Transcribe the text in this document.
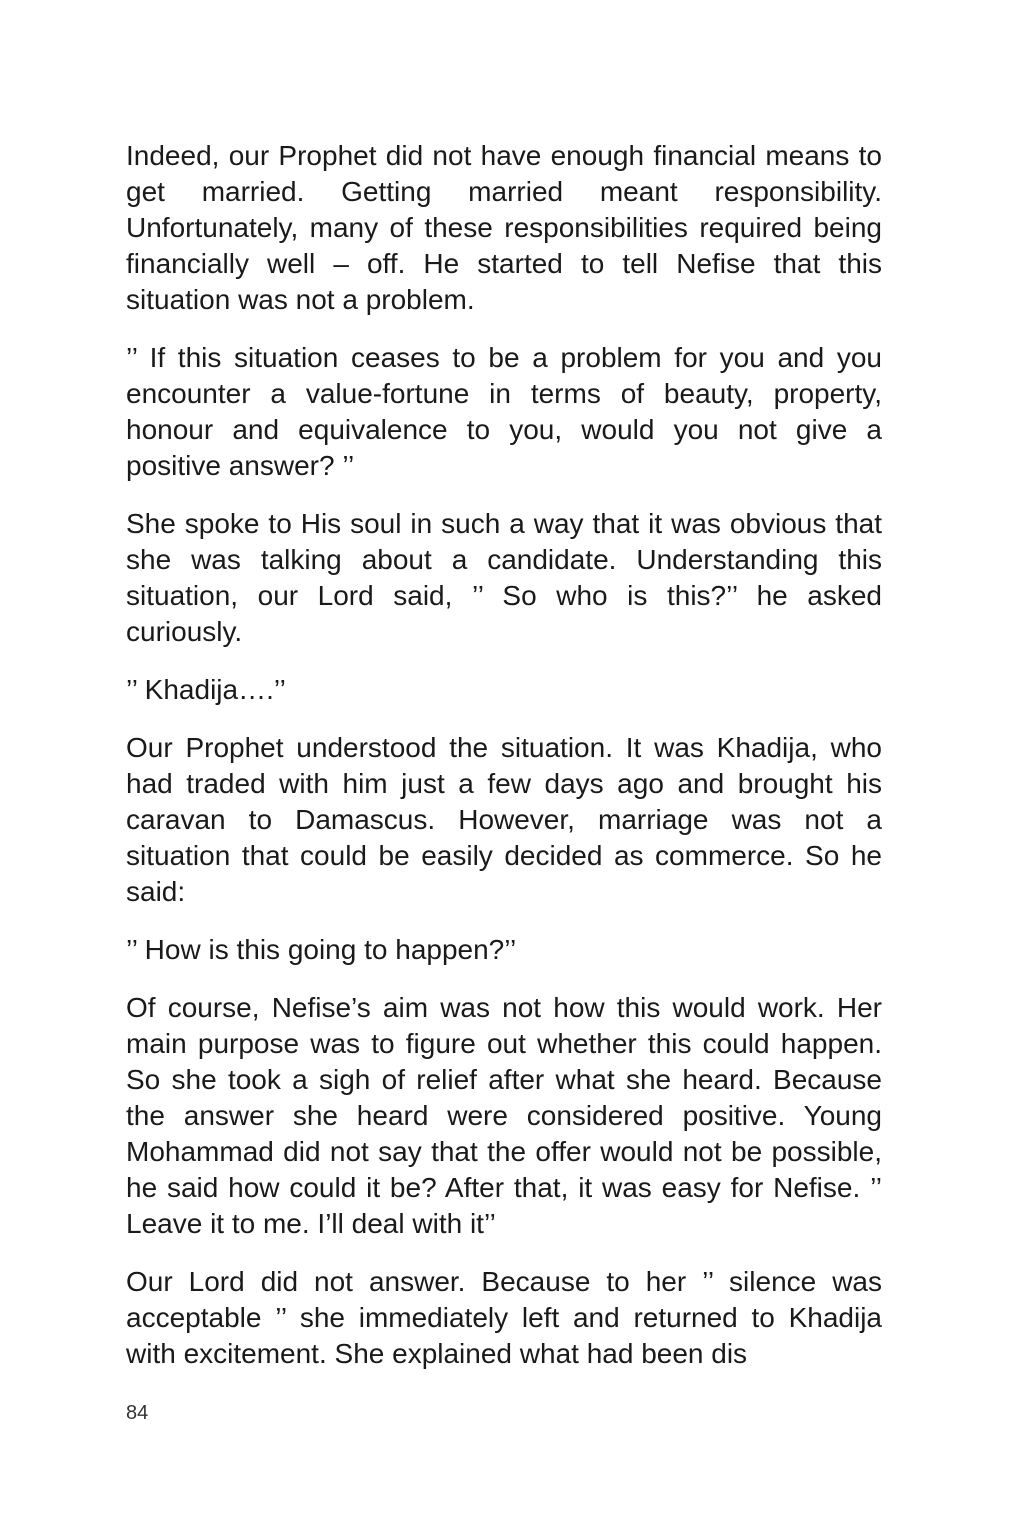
Indeed, our Prophet did not have enough financial means to get married. Getting married meant responsibility. Unfortunately, many of these responsibilities required being financially well – off. He started to tell Nefise that this situation was not a problem.

’’ If this situation ceases to be a problem for you and you encounter a value-fortune in terms of beauty, property, honour and equivalence to you, would you not give a positive answer? ’’

She spoke to His soul in such a way that it was obvious that she was talking about a candidate. Understanding this situation, our Lord said, ’’ So who is this?’’ he asked curiously.

’’ Khadija….’’

Our Prophet understood the situation. It was Khadija, who had traded with him just a few days ago and brought his caravan to Damascus. However, marriage was not a situation that could be easily decided as commerce. So he said:

’’ How is this going to happen?’’

Of course, Nefise’s aim was not how this would work. Her main purpose was to figure out whether this could happen. So she took a sigh of relief after what she heard. Because the answer she heard were considered positive. Young Mohammad did not say that the offer would not be possible, he said how could it be? After that, it was easy for Nefise. ’’ Leave it to me. I’ll deal with it’’

Our Lord did not answer. Because to her ’’ silence was acceptable ’’ she immediately left and returned to Khadija with excitement. She explained what had been dis

84
